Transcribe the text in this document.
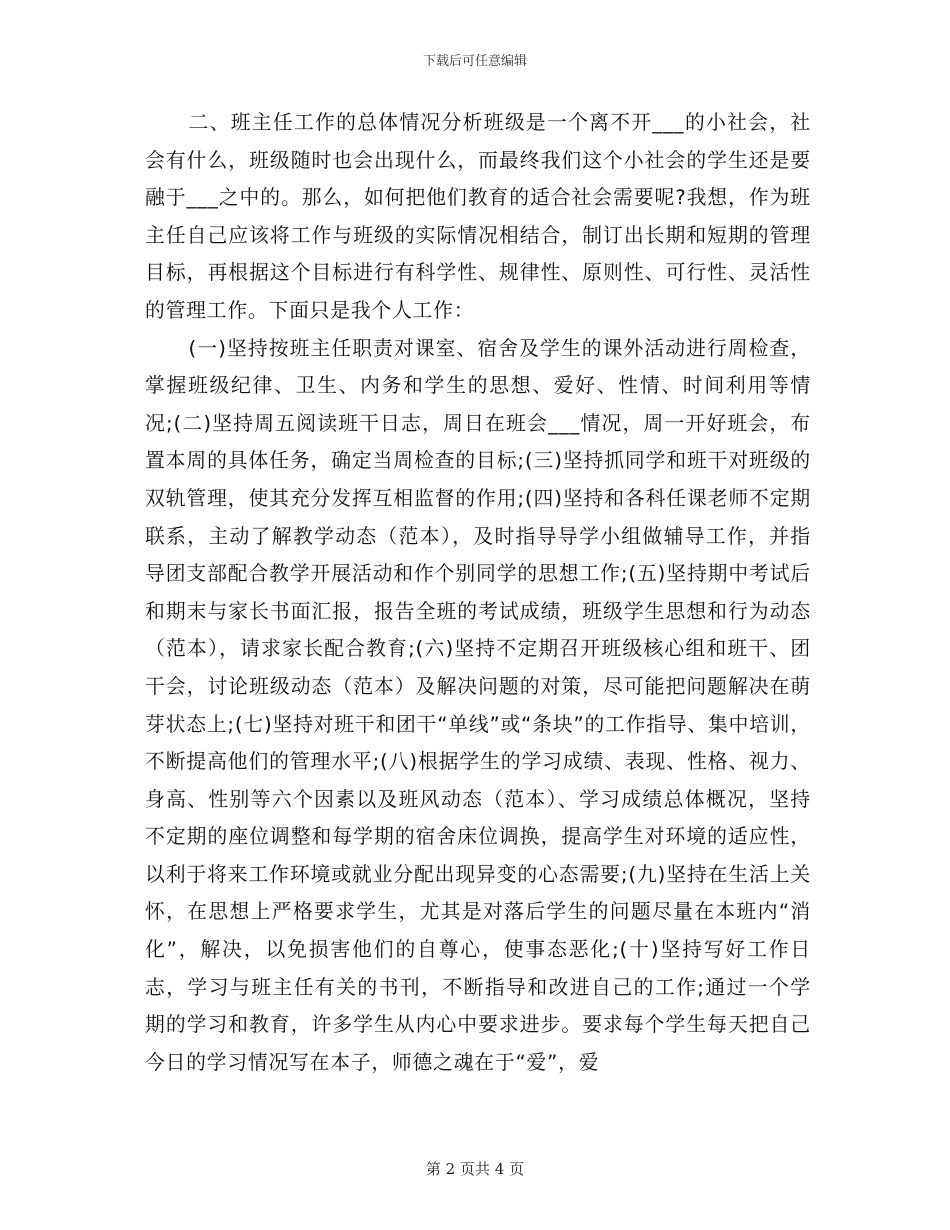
下载后可任意编辑

二、班主任工作的总体情况分析班级是一个离不开___的小社会，社会有什么，班级随时也会出现什么，而最终我们这个小社会的学生还是要融于___之中的。那么，如何把他们教育的适合社会需要呢?我想，作为班主任自己应该将工作与班级的实际情况相结合，制订出长期和短期的管理目标，再根据这个目标进行有科学性、规律性、原则性、可行性、灵活性的管理工作。下面只是我个人工作：

(一)坚持按班主任职责对课室、宿舍及学生的课外活动进行周检查，掌握班级纪律、卫生、内务和学生的思想、爱好、性情、时间利用等情况;(二)坚持周五阅读班干日志，周日在班会___情况，周一开好班会，布置本周的具体任务，确定当周检查的目标;(三)坚持抓同学和班干对班级的双轨管理，使其充分发挥互相监督的作用;(四)坚持和各科任课老师不定期联系，主动了解教学动态（范本），及时指导导学小组做辅导工作，并指导团支部配合教学开展活动和作个别同学的思想工作;(五)坚持期中考试后和期末与家长书面汇报，报告全班的考试成绩，班级学生思想和行为动态（范本），请求家长配合教育;(六)坚持不定期召开班级核心组和班干、团干会，讨论班级动态（范本）及解决问题的对策，尽可能把问题解决在萌芽状态上;(七)坚持对班干和团干“单线”或“条块”的工作指导、集中培训，不断提高他们的管理水平;(八)根据学生的学习成绩、表现、性格、视力、身高、性别等六个因素以及班风动态（范本）、学习成绩总体概况，坚持不定期的座位调整和每学期的宿舍床位调换，提高学生对环境的适应性，以利于将来工作环境或就业分配出现异变的心态需要;(九)坚持在生活上关怀，在思想上严格要求学生，尤其是对落后学生的问题尽量在本班内“消化”，解决，以免损害他们的自尊心，使事态恶化;(十)坚持写好工作日志，学习与班主任有关的书刊，不断指导和改进自己的工作;通过一个学期的学习和教育，许多学生从内心中要求进步。要求每个学生每天把自己今日的学习情况写在本子，师德之魂在于“爱”，爱

第 2 页共 4 页
